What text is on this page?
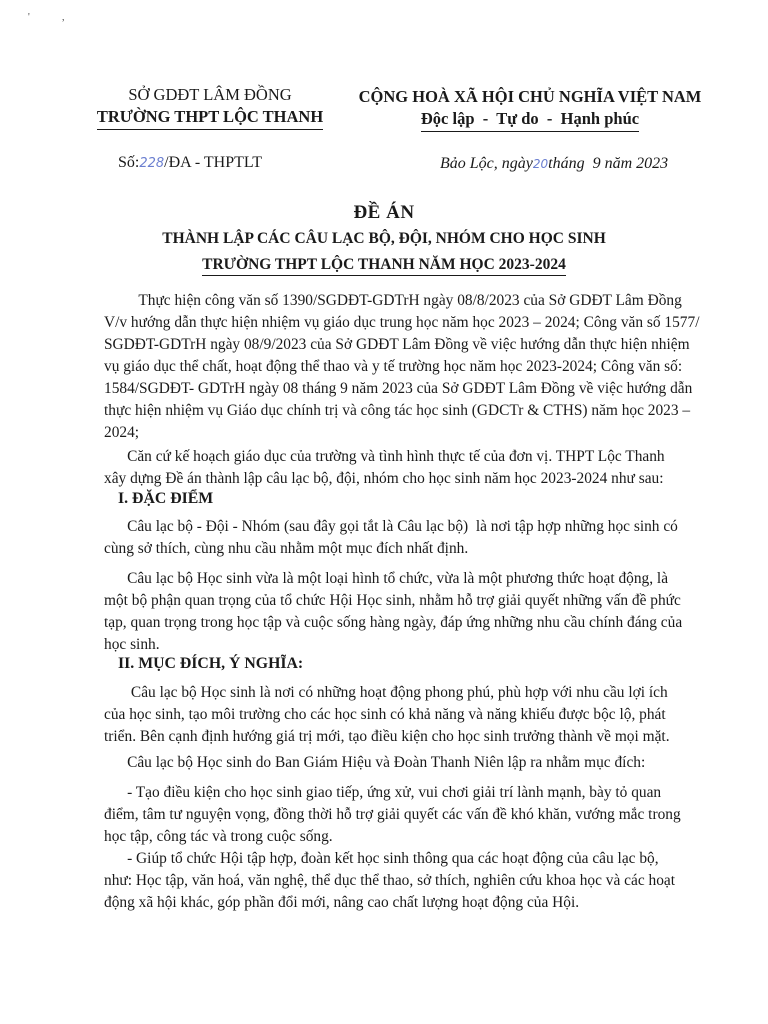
'	,
SỞ GDĐT LÂM ĐỒNG
TRƯỜNG THPT LỘC THANH
CỘNG HOÀ XÃ HỘI CHỦ NGHĨA VIỆT NAM
Độc lập  -  Tự do  -  Hạnh phúc
Số:228/ĐA - THPTLT	Bảo Lộc, ngày20tháng  9 năm 2023
ĐỀ ÁN
THÀNH LẬP CÁC CÂU LẠC BỘ, ĐỘI, NHÓM CHO HỌC SINH
TRƯỜNG THPT LỘC THANH NĂM HỌC 2023-2024
Thực hiện công văn số 1390/SGDĐT-GDTrH ngày 08/8/2023 của Sở GDĐT Lâm Đồng
V/v hướng dẫn thực hiện nhiệm vụ giáo dục trung học năm học 2023 – 2024; Công văn số 1577/
SGDĐT-GDTrH ngày 08/9/2023 của Sở GDĐT Lâm Đồng về việc hướng dẫn thực hiện nhiệm
vụ giáo dục thể chất, hoạt động thể thao và y tế trường học năm học 2023-2024; Công văn số:
1584/SGDĐT- GDTrH ngày 08 tháng 9 năm 2023 của Sở GDĐT Lâm Đồng về việc hướng dẫn
thực hiện nhiệm vụ Giáo dục chính trị và công tác học sinh (GDCTr & CTHS) năm học 2023 –
2024;
Căn cứ kế hoạch giáo dục của trường và tình hình thực tế của đơn vị. THPT Lộc Thanh
xây dựng Đề án thành lập câu lạc bộ, đội, nhóm cho học sinh năm học 2023-2024 như sau:
I. ĐẶC ĐIỂM
Câu lạc bộ - Đội - Nhóm (sau đây gọi tắt là Câu lạc bộ)  là nơi tập hợp những học sinh có
cùng sở thích, cùng nhu cầu nhằm một mục đích nhất định.
Câu lạc bộ Học sinh vừa là một loại hình tổ chức, vừa là một phương thức hoạt động, là
một bộ phận quan trọng của tổ chức Hội Học sinh, nhằm hỗ trợ giải quyết những vấn đề phức
tạp, quan trọng trong học tập và cuộc sống hàng ngày, đáp ứng những nhu cầu chính đáng của
học sinh.
II. MỤC ĐÍCH, Ý NGHĨA:
Câu lạc bộ Học sinh là nơi có những hoạt động phong phú, phù hợp với nhu cầu lợi ích
của học sinh, tạo môi trường cho các học sinh có khả năng và năng khiếu được bộc lộ, phát
triển. Bên cạnh định hướng giá trị mới, tạo điều kiện cho học sinh trưởng thành về mọi mặt.
Câu lạc bộ Học sinh do Ban Giám Hiệu và Đoàn Thanh Niên lập ra nhằm mục đích:
- Tạo điều kiện cho học sinh giao tiếp, ứng xử, vui chơi giải trí lành mạnh, bày tỏ quan
điểm, tâm tư nguyện vọng, đồng thời hỗ trợ giải quyết các vấn đề khó khăn, vướng mắc trong
học tập, công tác và trong cuộc sống.
- Giúp tổ chức Hội tập hợp, đoàn kết học sinh thông qua các hoạt động của câu lạc bộ,
như: Học tập, văn hoá, văn nghệ, thể dục thể thao, sở thích, nghiên cứu khoa học và các hoạt
động xã hội khác, góp phần đổi mới, nâng cao chất lượng hoạt động của Hội.
